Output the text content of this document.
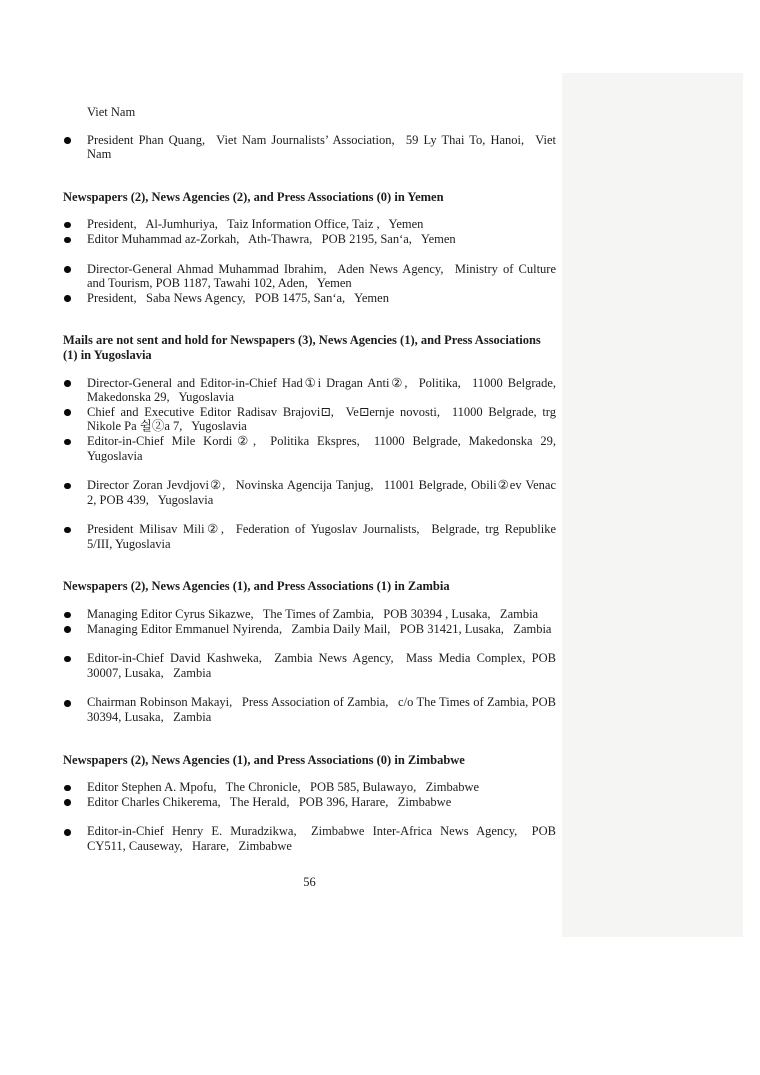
Viet Nam
President Phan Quang,  Viet Nam Journalists’ Association,  59 Ly Thai To, Hanoi,  Viet Nam
Newspapers (2), News Agencies (2), and Press Associations (0) in Yemen
President,  Al-Jumhuriya,  Taiz Information Office, Taiz ,  Yemen
Editor Muhammad az-Zorkah,  Ath-Thawra,  POB 2195, San‘a,  Yemen
Director-General Ahmad Muhammad Ibrahim,  Aden News Agency,  Ministry of Culture and Tourism, POB 1187, Tawahi 102, Aden,  Yemen
President,  Saba News Agency,  POB 1475, San‘a,  Yemen
Mails are not sent and hold for Newspapers (3), News Agencies (1), and Press Associations (1) in Yugoslavia
Director-General and Editor-in-Chief Had①i Dragan Anti②,  Politika,  11000 Belgrade, Makedonska 29,  Yugoslavia
Chief and Executive Editor Radisav Brajovi⊡,  Ve⊡ernje novosti,  11000 Belgrade, trg Nikole Pa 쉴②a 7,  Yugoslavia
Editor-in-Chief Mile Kordi②,  Politika Ekspres,  11000 Belgrade, Makedonska 29, Yugoslavia
Director Zoran Jevdjovi②,  Novinska Agencija Tanjug,  11001 Belgrade, Obili②ev Venac 2, POB 439,  Yugoslavia
President Milisav Mili②,  Federation of Yugoslav Journalists,  Belgrade, trg Republike 5/III, Yugoslavia
Newspapers (2), News Agencies (1), and Press Associations (1) in Zambia
Managing Editor Cyrus Sikazwe,  The Times of Zambia,  POB 30394 , Lusaka,  Zambia
Managing Editor Emmanuel Nyirenda,  Zambia Daily Mail,  POB 31421, Lusaka,  Zambia
Editor-in-Chief David Kashweka,  Zambia News Agency,  Mass Media Complex, POB 30007, Lusaka,  Zambia
Chairman Robinson Makayi,  Press Association of Zambia,  c/o The Times of Zambia, POB 30394, Lusaka,  Zambia
Newspapers (2), News Agencies (1), and Press Associations (0) in Zimbabwe
Editor Stephen A. Mpofu,  The Chronicle,  POB 585, Bulawayo,  Zimbabwe
Editor Charles Chikerema,  The Herald,  POB 396, Harare,  Zimbabwe
Editor-in-Chief Henry E. Muradzikwa,  Zimbabwe Inter-Africa News Agency,  POB CY511, Causeway,  Harare,  Zimbabwe
56
